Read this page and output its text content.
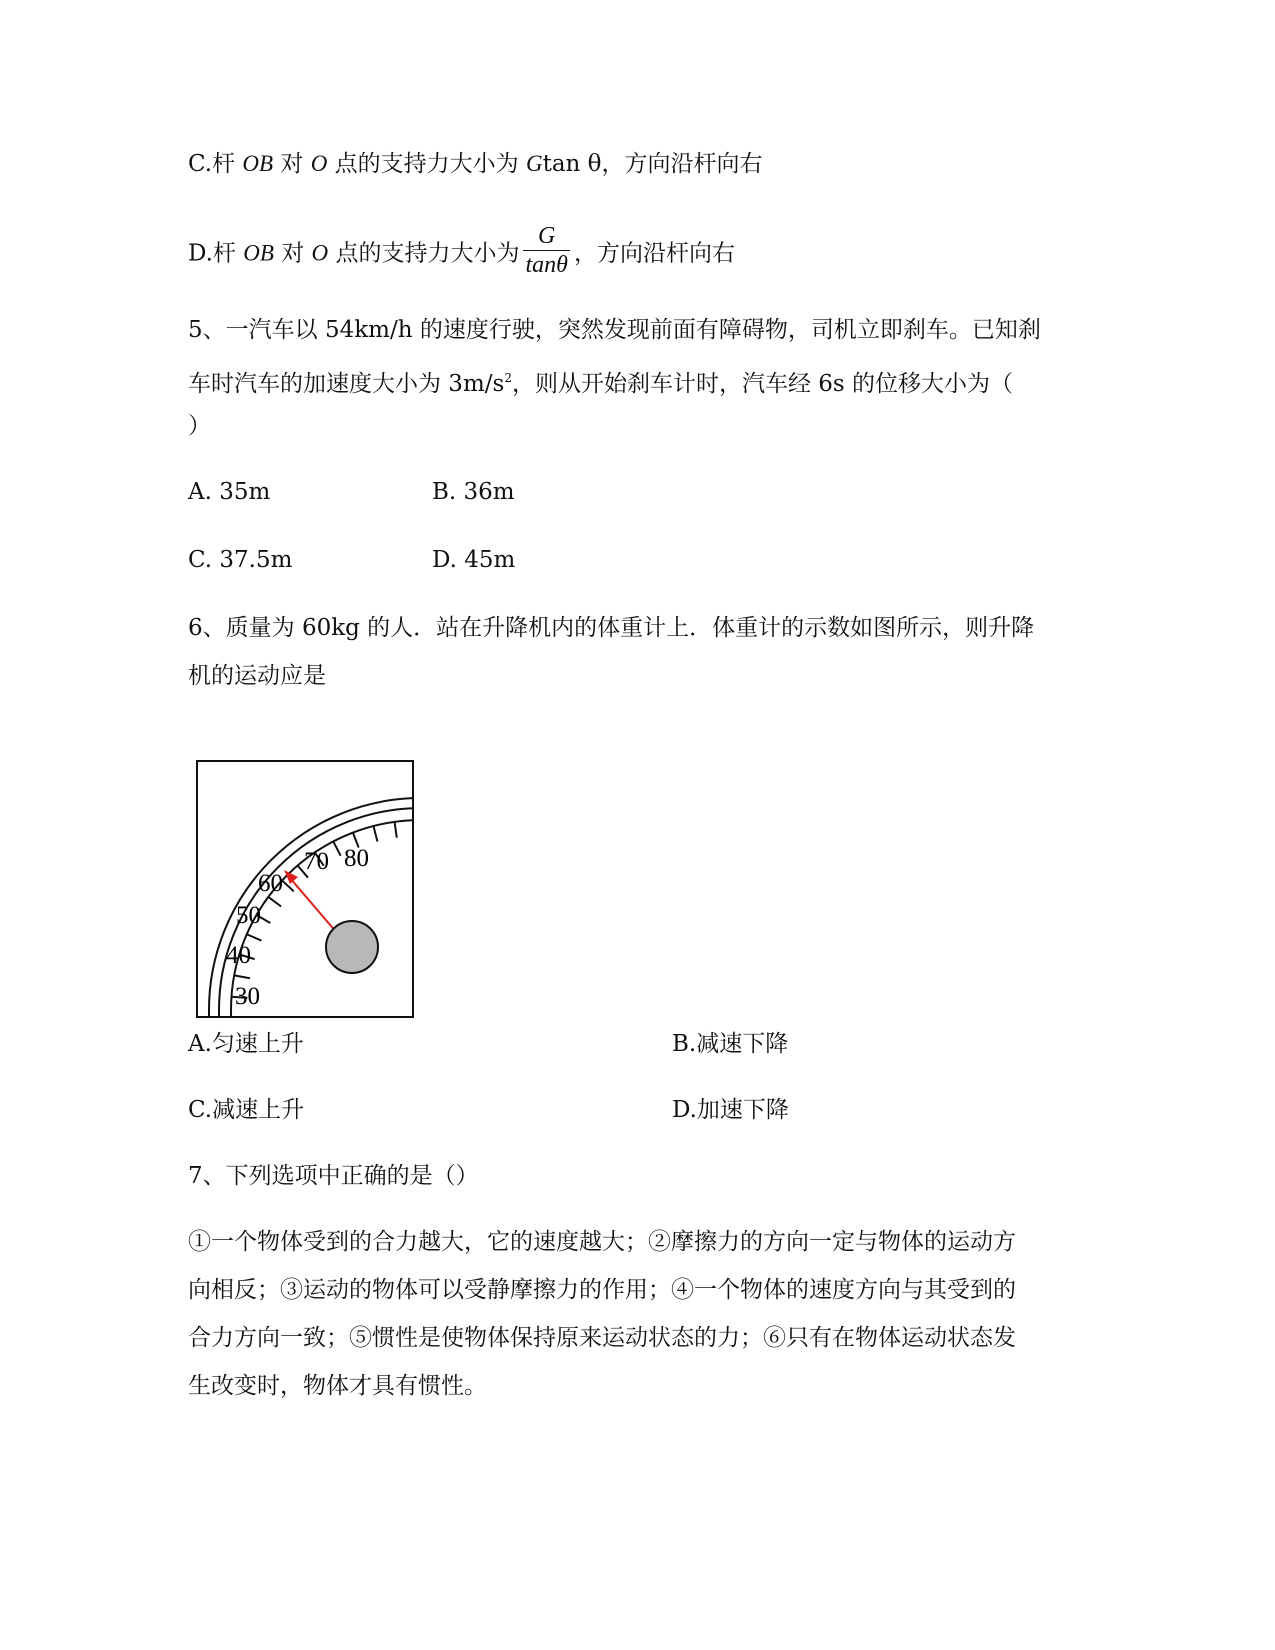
C.杆 OB 对 O 点的支持力大小为 Gtan θ，方向沿杆向右
D.杆 OB 对 O 点的支持力大小为 $\frac{G}{\tan\theta}$ ，方向沿杆向右
5、一汽车以 54km/h 的速度行驶，突然发现前面有障碍物，司机立即刹车。已知刹
车时汽车的加速度大小为 $3m/s^2$，则从开始刹车计时，汽车经 6s 的位移大小为（
）
A. 35m	B. 36m
C. 37.5m	D. 45m
6、质量为 60kg 的人．站在升降机内的体重计上．体重计的示数如图所示，则升降
机的运动应是
30
40
50
60
70 80
A.匀速上升	B.减速下降
C.减速上升	D.加速下降
7、下列选项中正确的是（）
①一个物体受到的合力越大，它的速度越大；②摩擦力的方向一定与物体的运动方
向相反；③运动的物体可以受静摩擦力的作用；④一个物体的速度方向与其受到的
合力方向一致；⑤惯性是使物体保持原来运动状态的力；⑥只有在物体运动状态发
生改变时，物体才具有惯性。
